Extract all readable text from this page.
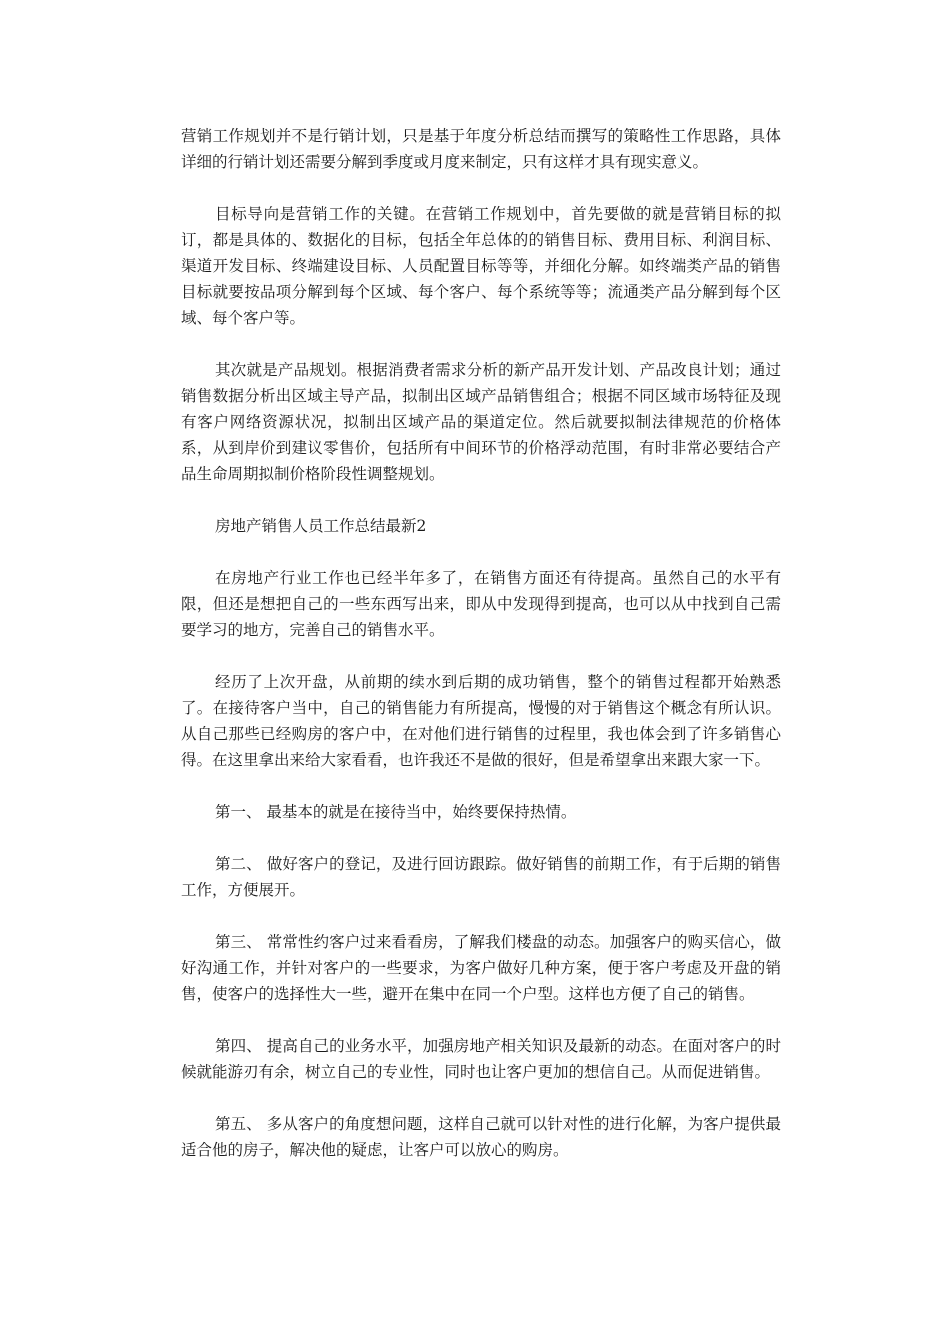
营销工作规划并不是行销计划，只是基于年度分析总结而撰写的策略性工作思路，具体详细的行销计划还需要分解到季度或月度来制定，只有这样才具有现实意义。

目标导向是营销工作的关键。在营销工作规划中，首先要做的就是营销目标的拟订，都是具体的、数据化的目标，包括全年总体的的销售目标、费用目标、利润目标、渠道开发目标、终端建设目标、人员配置目标等等，并细化分解。如终端类产品的销售目标就要按品项分解到每个区域、每个客户、每个系统等等；流通类产品分解到每个区域、每个客户等。

其次就是产品规划。根据消费者需求分析的新产品开发计划、产品改良计划；通过销售数据分析出区域主导产品，拟制出区域产品销售组合；根据不同区域市场特征及现有客户网络资源状况，拟制出区域产品的渠道定位。然后就要拟制法律规范的价格体系，从到岸价到建议零售价，包括所有中间环节的价格浮动范围，有时非常必要结合产品生命周期拟制价格阶段性调整规划。

房地产销售人员工作总结最新2

在房地产行业工作也已经半年多了，在销售方面还有待提高。虽然自己的水平有限，但还是想把自己的一些东西写出来，即从中发现得到提高，也可以从中找到自己需要学习的地方，完善自己的销售水平。

经历了上次开盘，从前期的续水到后期的成功销售，整个的销售过程都开始熟悉了。在接待客户当中，自己的销售能力有所提高，慢慢的对于销售这个概念有所认识。从自己那些已经购房的客户中，在对他们进行销售的过程里，我也体会到了许多销售心得。在这里拿出来给大家看看，也许我还不是做的很好，但是希望拿出来跟大家一下。

第一、 最基本的就是在接待当中，始终要保持热情。

第二、 做好客户的登记，及进行回访跟踪。做好销售的前期工作，有于后期的销售工作，方便展开。

第三、 常常性约客户过来看看房，了解我们楼盘的动态。加强客户的购买信心，做好沟通工作，并针对客户的一些要求，为客户做好几种方案，便于客户考虑及开盘的销售，使客户的选择性大一些，避开在集中在同一个户型。这样也方便了自己的销售。

第四、 提高自己的业务水平，加强房地产相关知识及最新的动态。在面对客户的时候就能游刃有余，树立自己的专业性，同时也让客户更加的想信自己。从而促进销售。

第五、 多从客户的角度想问题，这样自己就可以针对性的进行化解，为客户提供最适合他的房子，解决他的疑虑，让客户可以放心的购房。
